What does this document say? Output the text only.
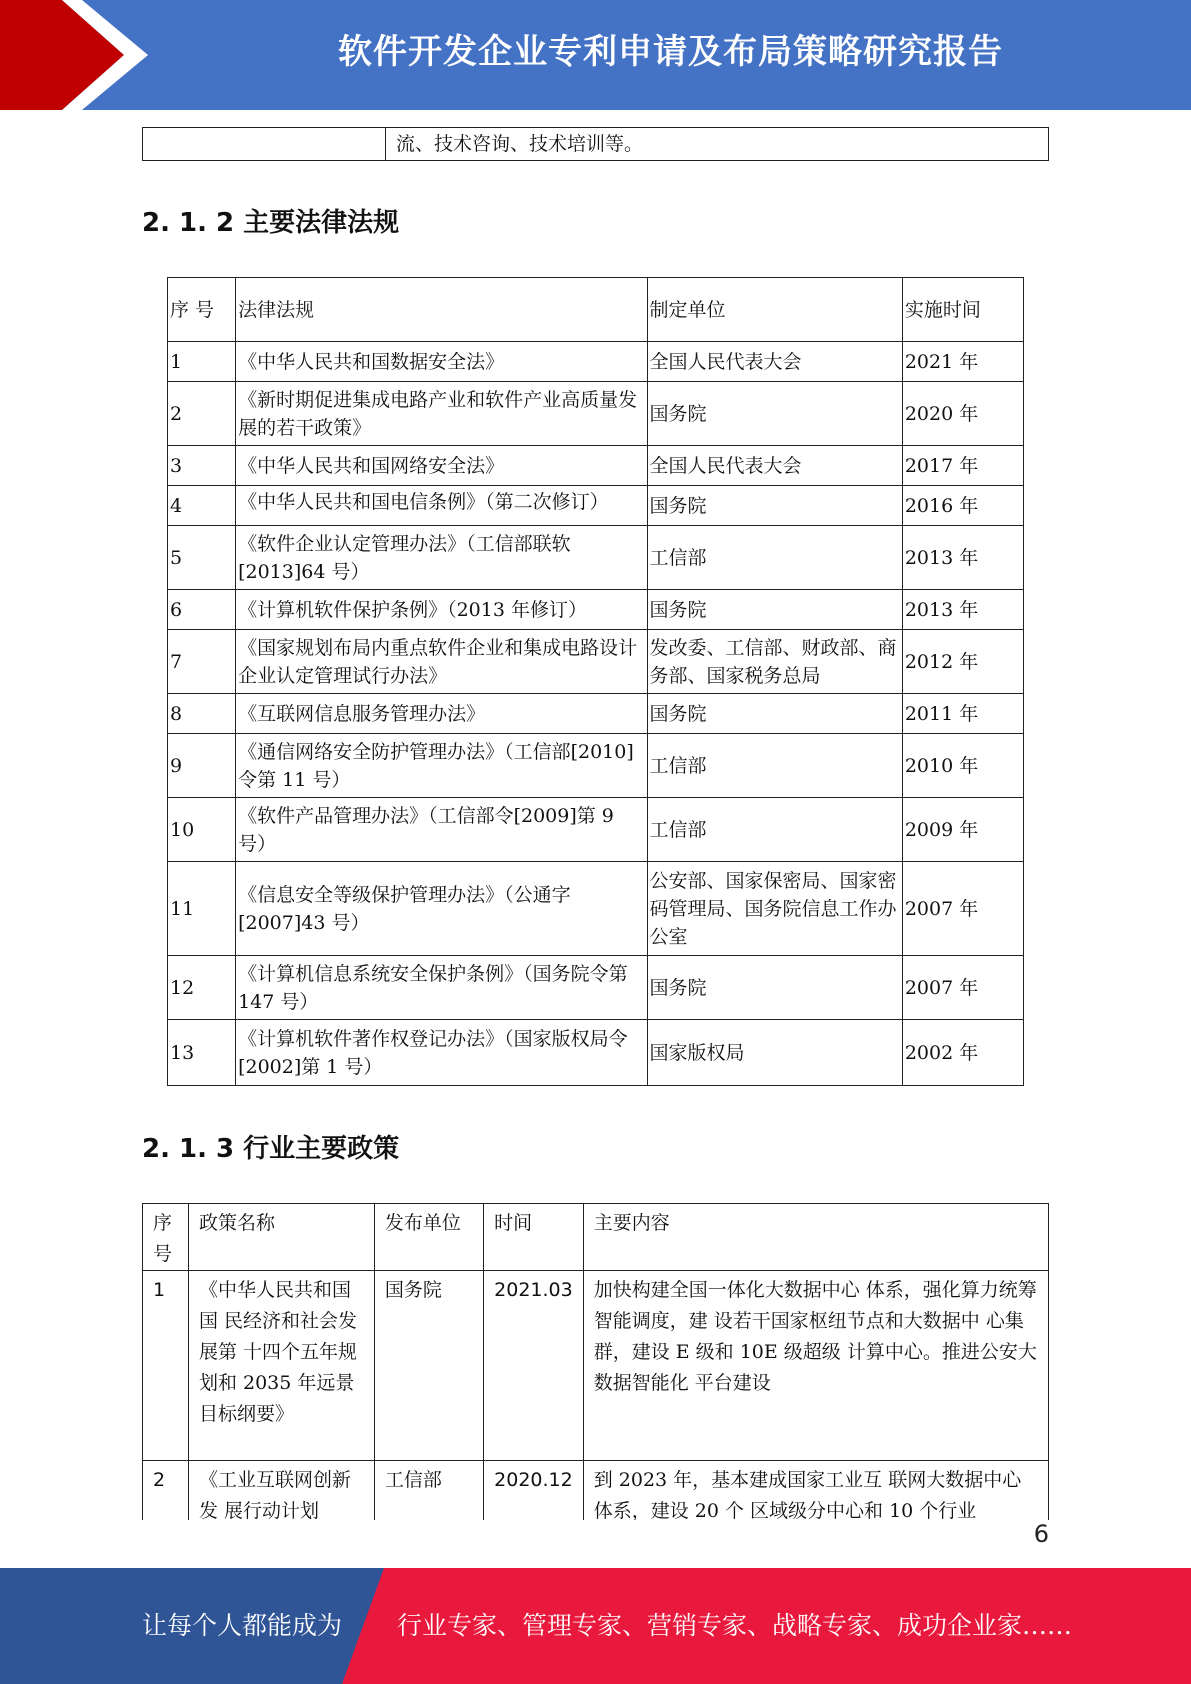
软件开发企业专利申请及布局策略研究报告
	流、技术咨询、技术培训等。
2. 1. 2 主要法律法规
序 号	法律法规	制定单位	实施时间
1	《中华人民共和国数据安全法》	全国人民代表大会	2021 年
2	《新时期促进集成电路产业和软件产业高质量发展的若干政策》	国务院	2020 年
3	《中华人民共和国网络安全法》	全国人民代表大会	2017 年
4	《中华人民共和国电信条例》（第二次修订）	国务院	2016 年
5	《软件企业认定管理办法》（工信部联软[2013]64 号）	工信部	2013 年
6	《计算机软件保护条例》（2013 年修订）	国务院	2013 年
7	《国家规划布局内重点软件企业和集成电路设计企业认定管理试行办法》	发改委、工信部、财政部、商务部、国家税务总局	2012 年
8	《互联网信息服务管理办法》	国务院	2011 年
9	《通信网络安全防护管理办法》（工信部[2010]令第 11 号）	工信部	2010 年
10	《软件产品管理办法》（工信部令[2009]第 9 号）	工信部	2009 年
11	《信息安全等级保护管理办法》（公通字[2007]43 号）	公安部、国家保密局、国家密码管理局、国务院信息工作办公室	2007 年
12	《计算机信息系统安全保护条例》（国务院令第 147 号）	国务院	2007 年
13	《计算机软件著作权登记办法》（国家版权局令[2002]第 1 号）	国家版权局	2002 年
2. 1. 3 行业主要政策
序号	政策名称	发布单位	时间	主要内容
1	《中华人民共和国国 民经济和社会发展第 十四个五年规划和 2035 年远景目标纲要》	国务院	2021.03	加快构建全国一体化大数据中心 体系，强化算力统筹智能调度，建 设若干国家枢纽节点和大数据中 心集群，建设 E 级和 10E 级超级 计算中心。推进公安大数据智能化 平台建设
2	《工业互联网创新发 展行动计划	工信部	2020.12	到 2023 年，基本建成国家工业互 联网大数据中心体系，建设 20 个 区域级分中心和 10 个行业
6
让每个人都能成为 行业专家、管理专家、营销专家、战略专家、成功企业家……
